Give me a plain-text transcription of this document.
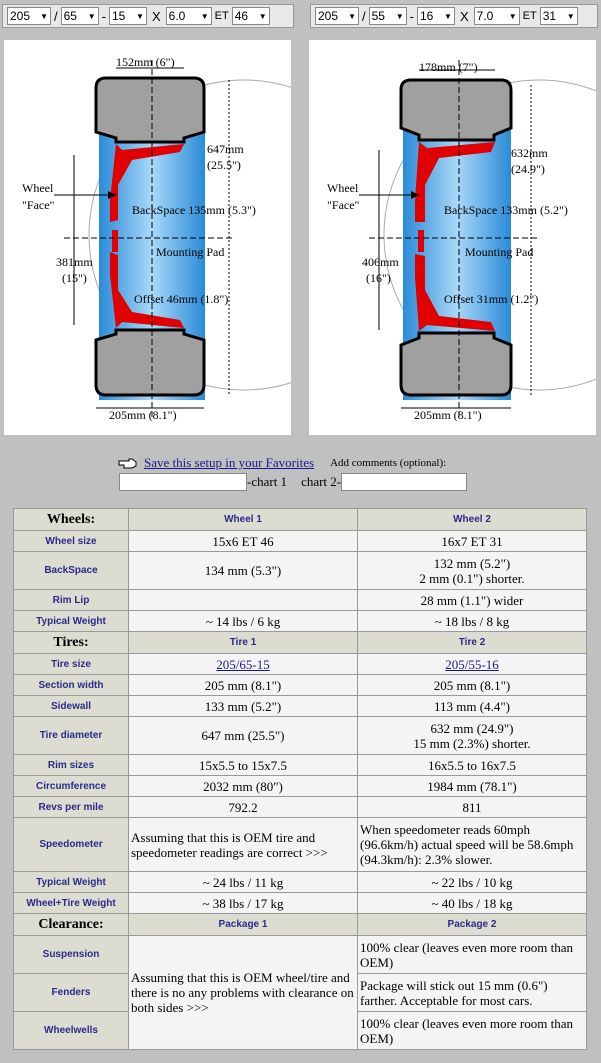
205	▼ / 65	▼ - 15	▼ X 6.0	▼ ET 46	▼	205	▼ / 55	▼ - 16	▼ X 7.0	▼ ET 31	▼
152mm (6")
647mm
(25.5")
Wheel
"Face"	BackSpace 135mm (5.3")
381mm
(15")
Mounting Pad
Offset 46mm (1.8")
205mm (8.1")
178mm (7")
632mm
(24.9")
Wheel
"Face"	BackSpace 133mm (5.2")
406mm
(16")
Mounting Pad
Offset 31mm (1.2")
205mm (8.1")
Save this setup in your Favorites Add comments (optional):
-chart 1 chart 2-
Wheels:	Wheel 1	Wheel 2
Wheel size	15x6 ET 46	16x7 ET 31
BackSpace	134 mm (5.3")	132 mm (5.2")
2 mm (0.1") shorter.

Rim Lip		28 mm (1.1") wider
Typical Weight	~ 14 lbs / 6 kg	~ 18 lbs / 8 kg
Tires:	Tire 1	Tire 2
Tire size	205/65-15	205/55-16
Section width	205 mm (8.1")	205 mm (8.1")
Sidewall	133 mm (5.2")	113 mm (4.4")
Tire diameter	647 mm (25.5")	632 mm (24.9")
15 mm (2.3%) shorter.

Rim sizes	15x5.5 to 15x7.5	16x5.5 to 16x7.5
Circumference	2032 mm (80")	1984 mm (78.1")
Revs per mile	792.2	811
Speedometer	Assuming that this is OEM tire and speedometer readings are correct >>>	When speedometer reads 60mph (96.6km/h) actual speed will be 58.6mph (94.3km/h): 2.3% slower.
Typical Weight	~ 24 lbs / 11 kg	~ 22 lbs / 10 kg
Wheel+Tire Weight	~ 38 lbs / 17 kg	~ 40 lbs / 18 kg
Clearance:	Package 1	Package 2
Suspension	Assuming that this is OEM wheel/tire and there is no any problems with clearance on both sides >>>	100% clear (leaves even more room than OEM)
Fenders		Package will stick out 15 mm (0.6") farther. Acceptable for most cars.
Wheelwells		100% clear (leaves even more room than OEM)
